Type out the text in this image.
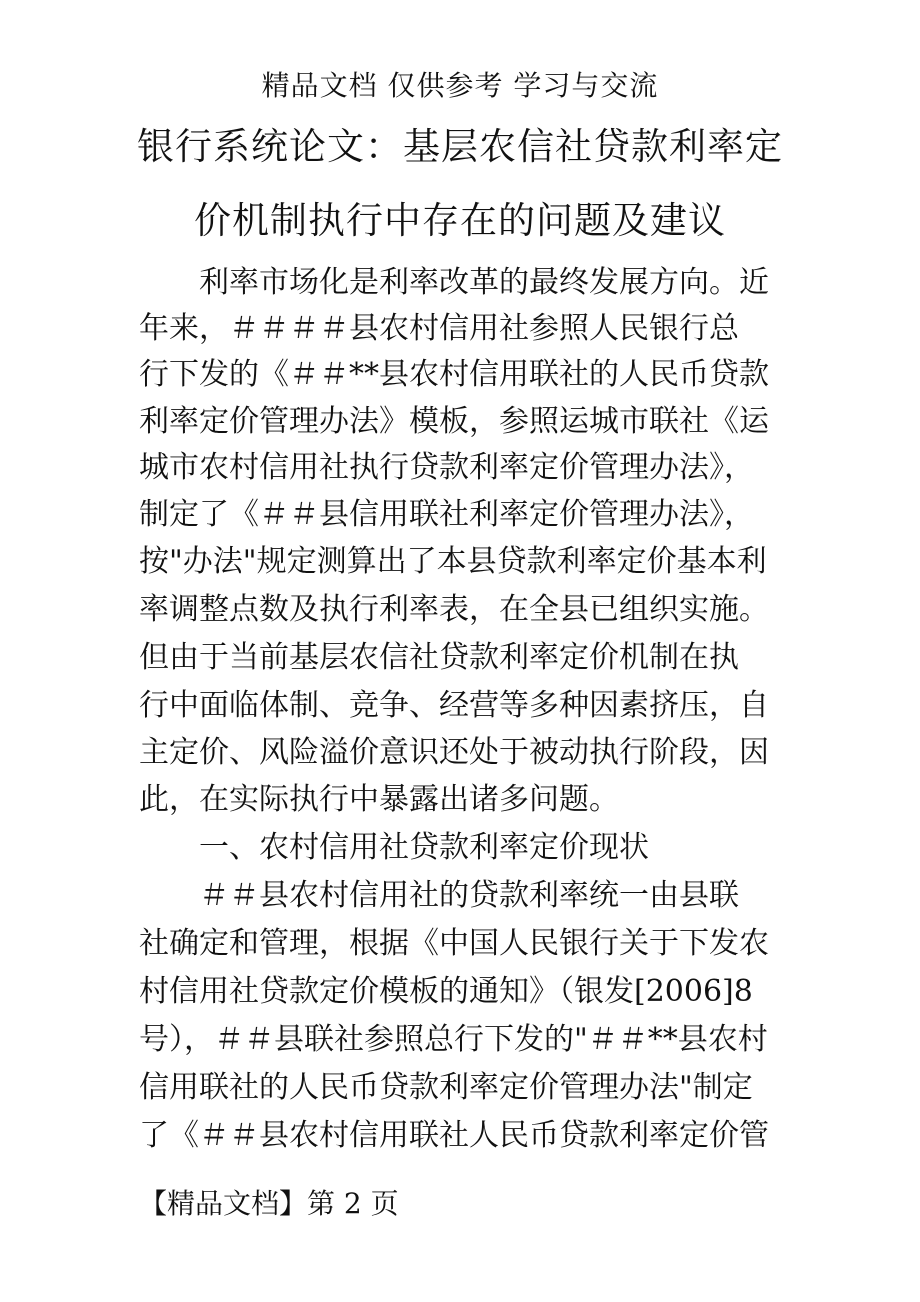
精品文档 仅供参考 学习与交流
银行系统论文：基层农信社贷款利率定
价机制执行中存在的问题及建议
利率市场化是利率改革的最终发展方向。近
年来，＃＃＃＃县农村信用社参照人民银行总
行下发的《＃＃**县农村信用联社的人民币贷款
利率定价管理办法》模板，参照运城市联社《运
城市农村信用社执行贷款利率定价管理办法》，
制定了《＃＃县信用联社利率定价管理办法》，
按"办法"规定测算出了本县贷款利率定价基本利
率调整点数及执行利率表，在全县已组织实施。
但由于当前基层农信社贷款利率定价机制在执
行中面临体制、竞争、经营等多种因素挤压，自
主定价、风险溢价意识还处于被动执行阶段，因
此，在实际执行中暴露出诸多问题。
一、农村信用社贷款利率定价现状
＃＃县农村信用社的贷款利率统一由县联
社确定和管理，根据《中国人民银行关于下发农
村信用社贷款定价模板的通知》（银发[2006]8
号），＃＃县联社参照总行下发的"＃＃**县农村
信用联社的人民币贷款利率定价管理办法"制定
了《＃＃县农村信用联社人民币贷款利率定价管
【精品文档】第 2 页
